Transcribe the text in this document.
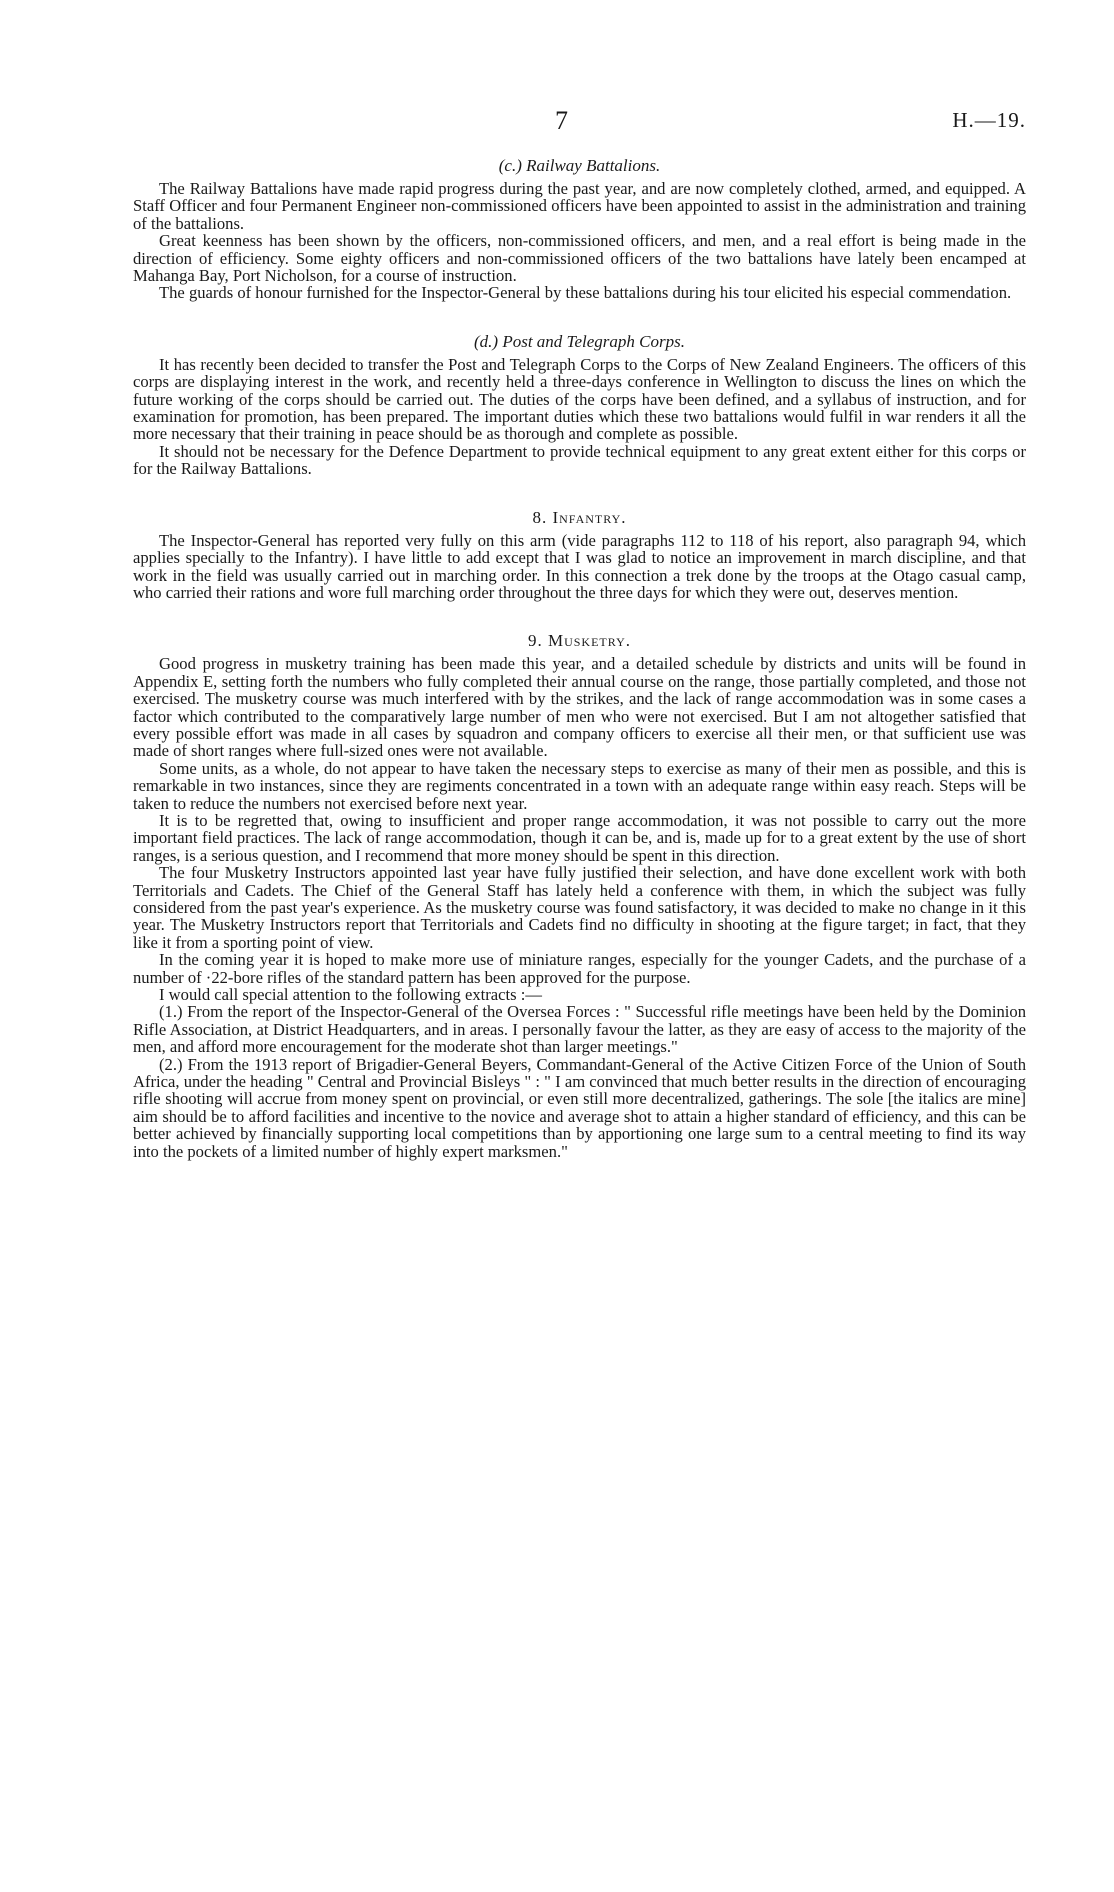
7	H.—19.
(c.) Railway Battalions.

The Railway Battalions have made rapid progress during the past year, and are now completely clothed, armed, and equipped. A Staff Officer and four Permanent Engineer non-commissioned officers have been appointed to assist in the administration and training of the battalions.

Great keenness has been shown by the officers, non-commissioned officers, and men, and a real effort is being made in the direction of efficiency. Some eighty officers and non-commissioned officers of the two battalions have lately been encamped at Mahanga Bay, Port Nicholson, for a course of instruction.

The guards of honour furnished for the Inspector-General by these battalions during his tour elicited his especial commendation.

(d.) Post and Telegraph Corps.

It has recently been decided to transfer the Post and Telegraph Corps to the Corps of New Zealand Engineers. The officers of this corps are displaying interest in the work, and recently held a three-days conference in Wellington to discuss the lines on which the future working of the corps should be carried out. The duties of the corps have been defined, and a syllabus of instruction, and for examination for promotion, has been prepared. The important duties which these two battalions would fulfil in war renders it all the more necessary that their training in peace should be as thorough and complete as possible.

It should not be necessary for the Defence Department to provide technical equipment to any great extent either for this corps or for the Railway Battalions.

8. Infantry.

The Inspector-General has reported very fully on this arm (vide paragraphs 112 to 118 of his report, also paragraph 94, which applies specially to the Infantry). I have little to add except that I was glad to notice an improvement in march discipline, and that work in the field was usually carried out in marching order. In this connection a trek done by the troops at the Otago casual camp, who carried their rations and wore full marching order throughout the three days for which they were out, deserves mention.

9. Musketry.

Good progress in musketry training has been made this year, and a detailed schedule by districts and units will be found in Appendix E, setting forth the numbers who fully completed their annual course on the range, those partially completed, and those not exercised. The musketry course was much interfered with by the strikes, and the lack of range accommodation was in some cases a factor which contributed to the comparatively large number of men who were not exercised. But I am not altogether satisfied that every possible effort was made in all cases by squadron and company officers to exercise all their men, or that sufficient use was made of short ranges where full-sized ones were not available.

Some units, as a whole, do not appear to have taken the necessary steps to exercise as many of their men as possible, and this is remarkable in two instances, since they are regiments concentrated in a town with an adequate range within easy reach. Steps will be taken to reduce the numbers not exercised before next year.

It is to be regretted that, owing to insufficient and proper range accommodation, it was not possible to carry out the more important field practices. The lack of range accommodation, though it can be, and is, made up for to a great extent by the use of short ranges, is a serious question, and I recommend that more money should be spent in this direction.

The four Musketry Instructors appointed last year have fully justified their selection, and have done excellent work with both Territorials and Cadets. The Chief of the General Staff has lately held a conference with them, in which the subject was fully considered from the past year's experience. As the musketry course was found satisfactory, it was decided to make no change in it this year. The Musketry Instructors report that Territorials and Cadets find no difficulty in shooting at the figure target; in fact, that they like it from a sporting point of view.

In the coming year it is hoped to make more use of miniature ranges, especially for the younger Cadets, and the purchase of a number of ·22-bore rifles of the standard pattern has been approved for the purpose.

I would call special attention to the following extracts :—

(1.) From the report of the Inspector-General of the Oversea Forces : " Successful rifle meetings have been held by the Dominion Rifle Association, at District Headquarters, and in areas. I personally favour the latter, as they are easy of access to the majority of the men, and afford more encouragement for the moderate shot than larger meetings."

(2.) From the 1913 report of Brigadier-General Beyers, Commandant-General of the Active Citizen Force of the Union of South Africa, under the heading " Central and Provincial Bisleys " : " I am convinced that much better results in the direction of encouraging rifle shooting will accrue from money spent on provincial, or even still more decentralized, gatherings. The sole [the italics are mine] aim should be to afford facilities and incentive to the novice and average shot to attain a higher standard of efficiency, and this can be better achieved by financially supporting local competitions than by apportioning one large sum to a central meeting to find its way into the pockets of a limited number of highly expert marksmen."
